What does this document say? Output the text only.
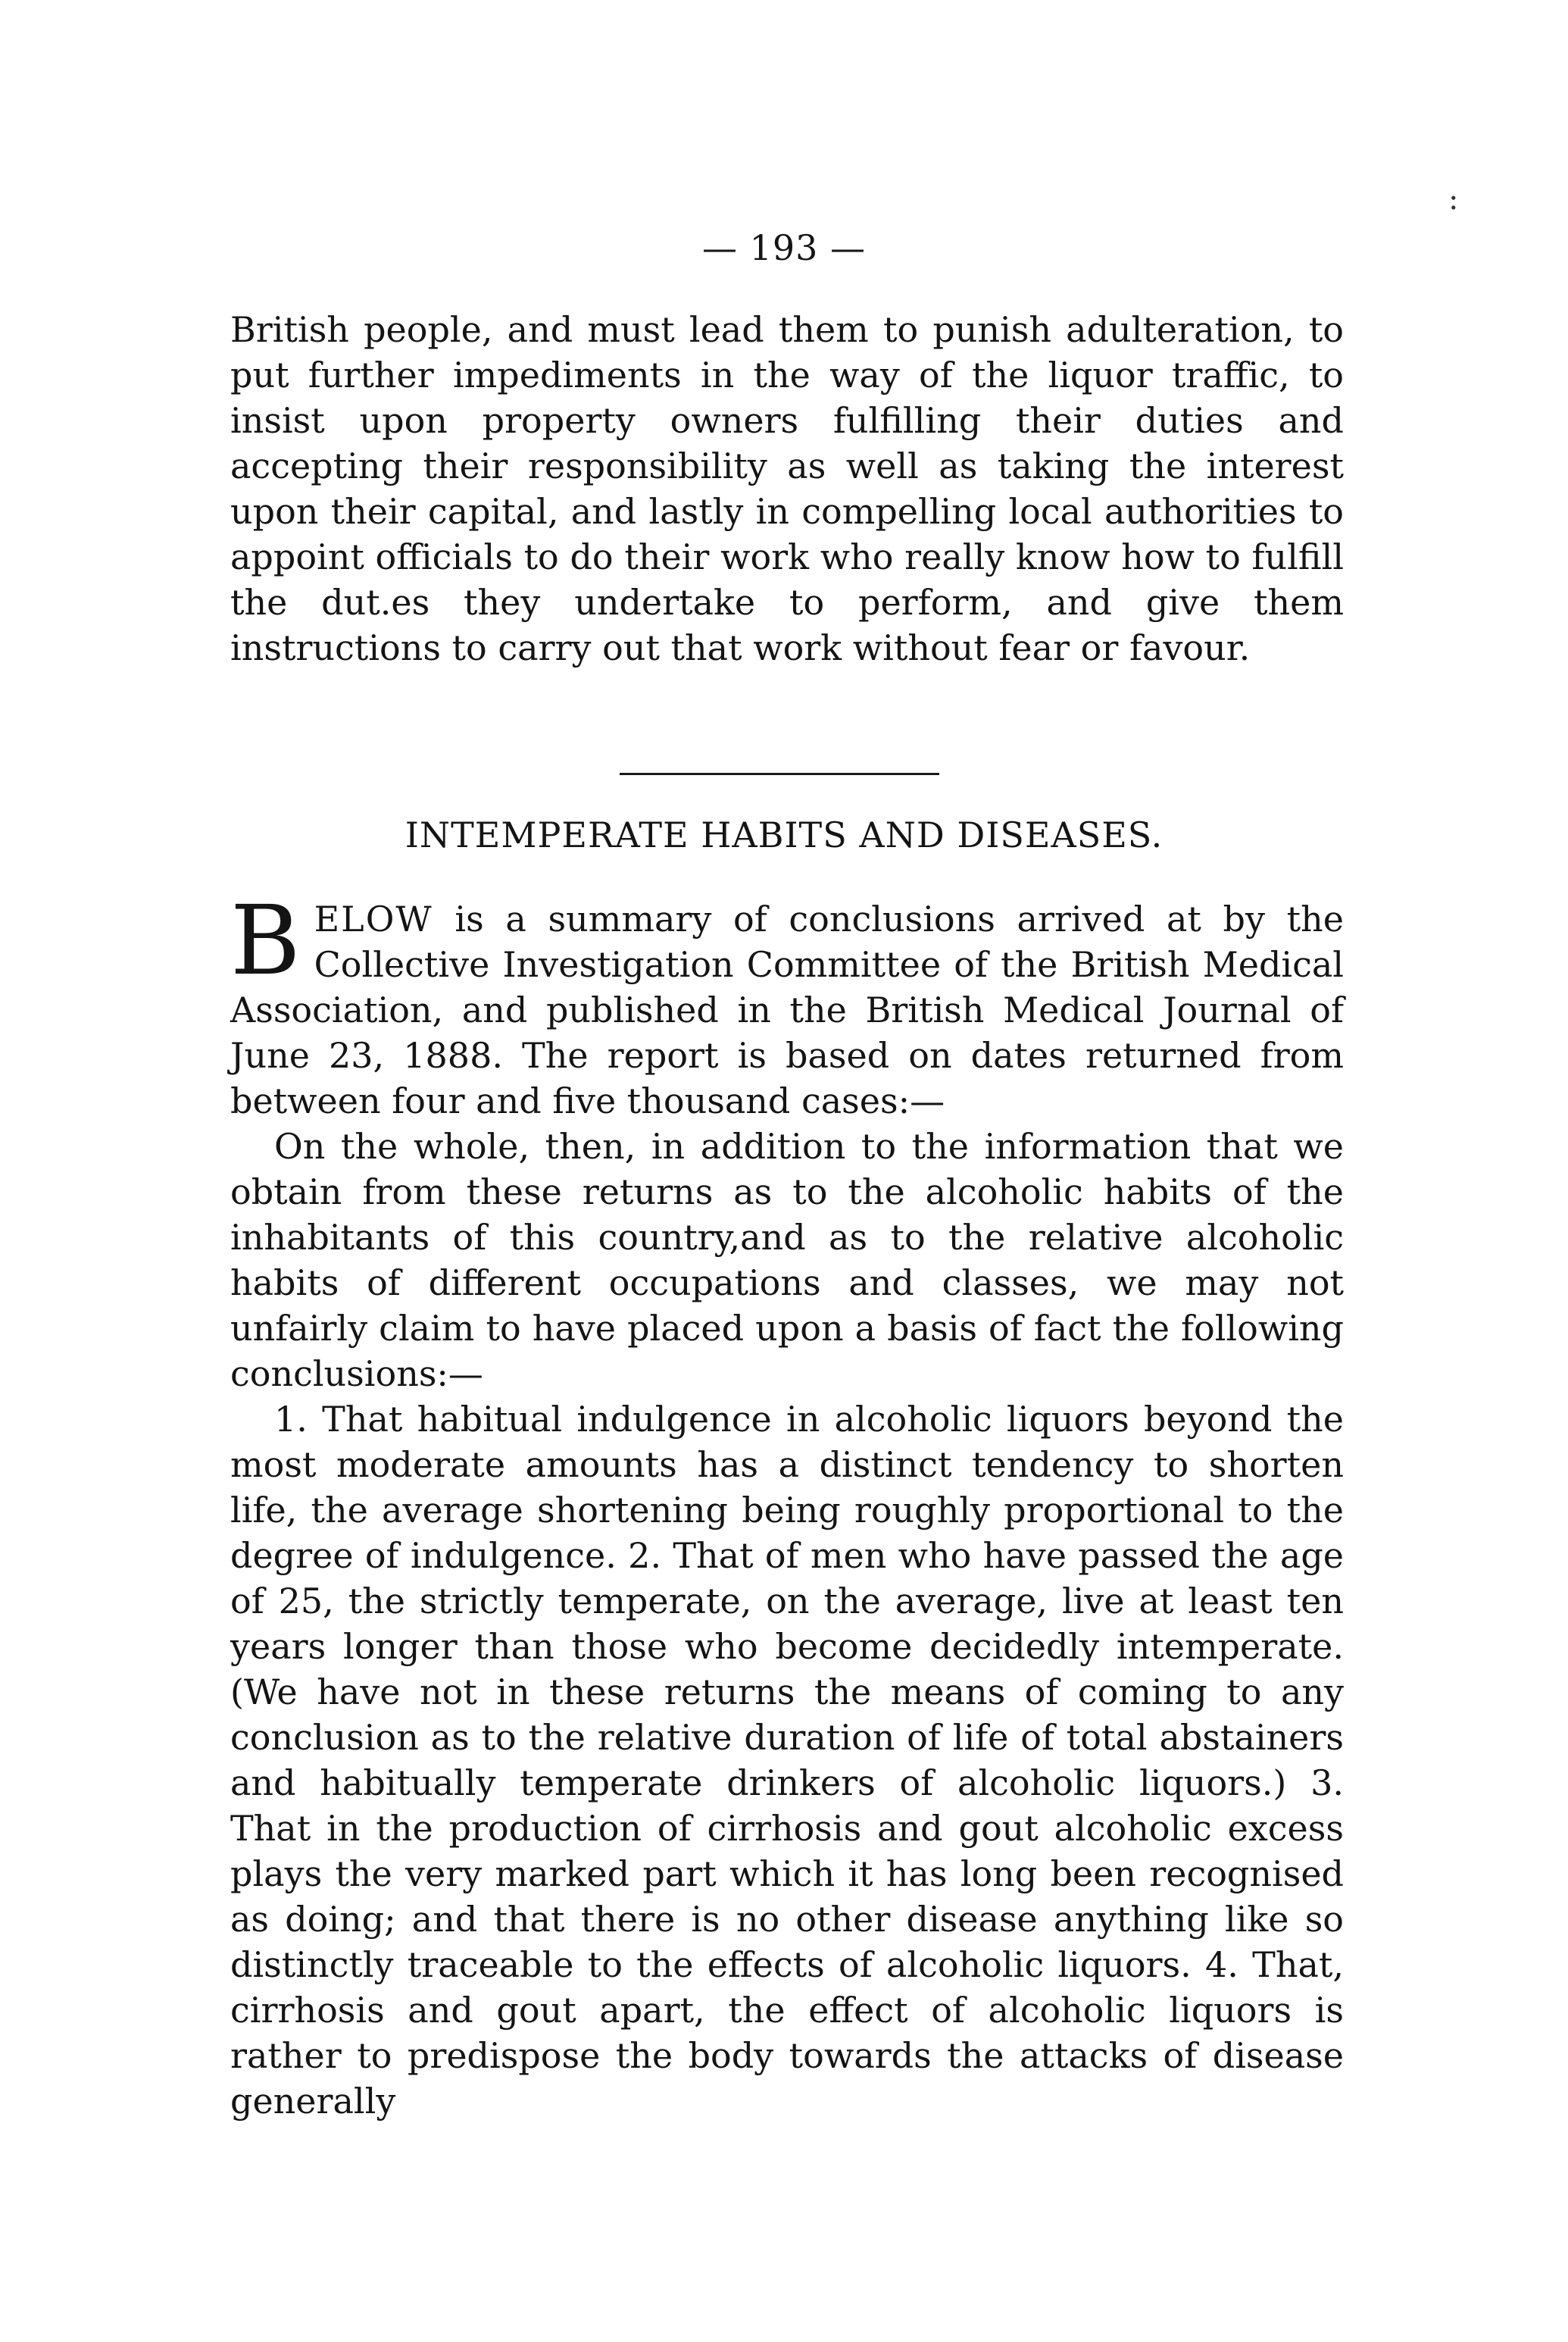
:
— 193 —

British people, and must lead them to punish adulteration, to put further impediments in the way of the liquor traffic, to insist upon property owners fulfilling their duties and accepting their responsibility as well as taking the interest upon their capital, and lastly in compelling local authorities to appoint officials to do their work who really know how to fulfill the dut.es they undertake to perform, and give them instructions to carry out that work without fear or favour.

INTEMPERATE HABITS AND DISEASES.

BELOW is a summary of conclusions arrived at by the Collective Investigation Committee of the British Medical Association, and published in the British Medical Journal of June 23, 1888. The report is based on dates returned from between four and five thousand cases:—

On the whole, then, in addition to the information that we obtain from these returns as to the alcoholic habits of the inhabitants of this country,and as to the relative alcoholic habits of different occupations and classes, we may not unfairly claim to have placed upon a basis of fact the following conclusions:—

1. That habitual indulgence in alcoholic liquors beyond the most moderate amounts has a distinct tendency to shorten life, the average shortening being roughly proportional to the degree of indulgence. 2. That of men who have passed the age of 25, the strictly temperate, on the average, live at least ten years longer than those who become decidedly intemperate. (We have not in these returns the means of coming to any conclusion as to the relative duration of life of total abstainers and habitually temperate drinkers of alcoholic liquors.) 3. That in the production of cirrhosis and gout alcoholic excess plays the very marked part which it has long been recognised as doing; and that there is no other disease anything like so distinctly traceable to the effects of alcoholic liquors. 4. That, cirrhosis and gout apart, the effect of alcoholic liquors is rather to predispose the body towards the attacks of disease generally
